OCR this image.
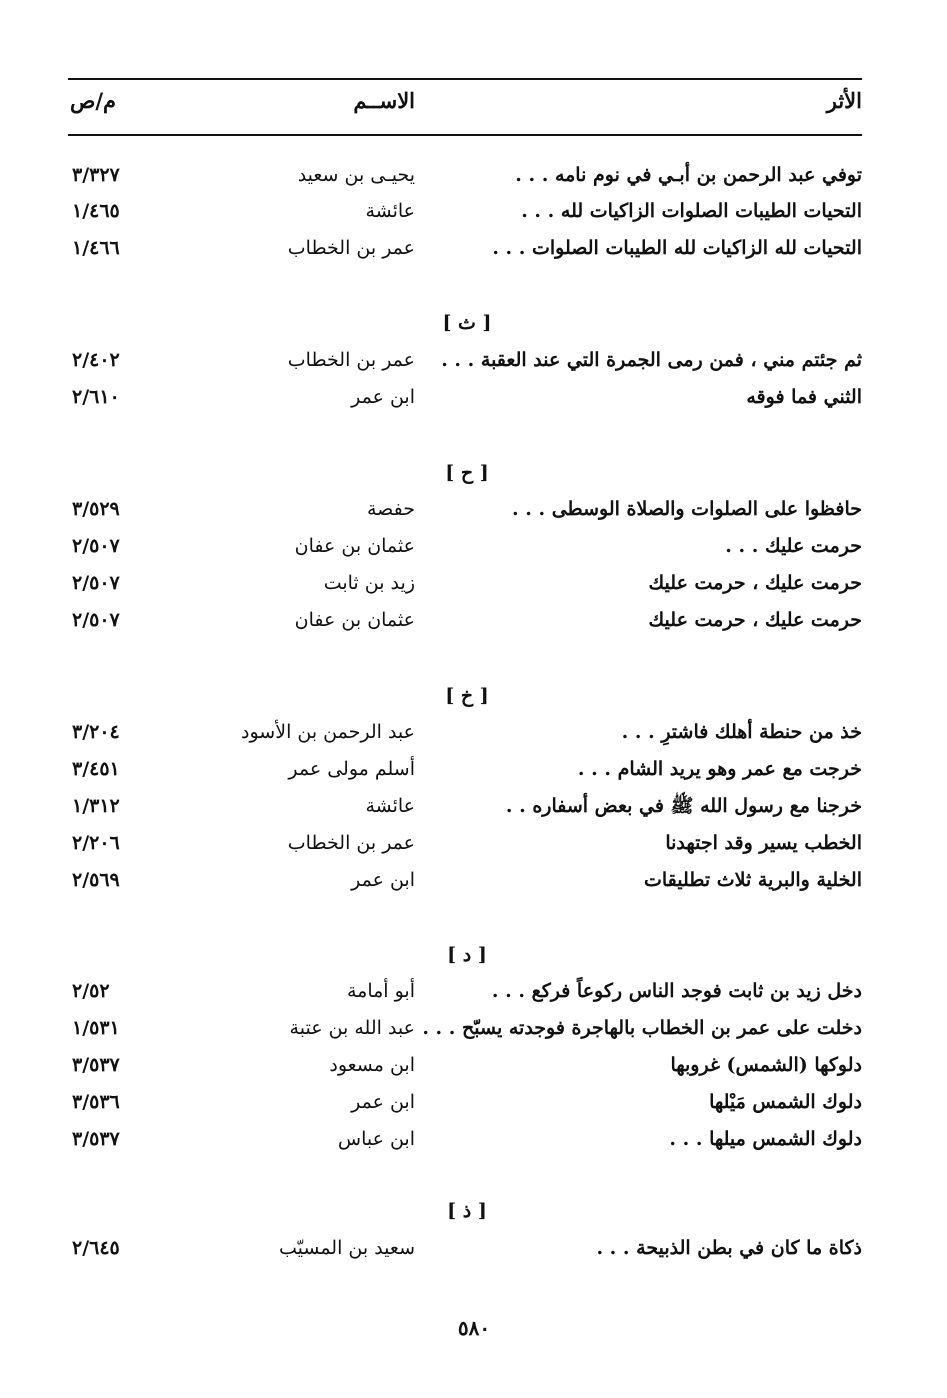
الأثر
الاســم
م/ص
توفي عبد الرحمن بن أبـي في نوم نامه . . .
يحيـى بن سعيد
٣/٣٢٧
التحيات الطيبات الصلوات الزاكيات لله . . .
عائشة
١/٤٦٥
التحيات لله الزاكيات لله الطيبات الصلوات . . .
عمر بن الخطاب
١/٤٦٦
[ ث ]
ثم جئتم مني ، فمن رمى الجمرة التي عند العقبة . . .
عمر بن الخطاب
٢/٤٠٢
الثني فما فوقه
ابن عمر
٢/٦١٠
[ ح ]
حافظوا على الصلوات والصلاة الوسطى . . .
حفصة
٣/٥٢٩
حرمت عليك . . .
عثمان بن عفان
٢/٥٠٧
حرمت عليك ، حرمت عليك
زيد بن ثابت
٢/٥٠٧
حرمت عليك ، حرمت عليك
عثمان بن عفان
٢/٥٠٧
[ خ ]
خذ من حنطة أهلك فاشترِ . . .
عبد الرحمن بن الأسود
٣/٢٠٤
خرجت مع عمر وهو يريد الشام . . .
أسلم مولى عمر
٣/٤٥١
خرجنا مع رسول الله ﷺ في بعض أسفاره . .
عائشة
١/٣١٢
الخطب يسير وقد اجتهدنا
عمر بن الخطاب
٢/٢٠٦
الخلية والبرية ثلاث تطليقات
ابن عمر
٢/٥٦٩
[ د ]
دخل زيد بن ثابت فوجد الناس ركوعاً فركع . . .
أبو أمامة
٢/٥٢
دخلت على عمر بن الخطاب بالهاجرة فوجدته يسبّح . . .
عبد الله بن عتبة
١/٥٣١
دلوكها (الشمس) غروبها
ابن مسعود
٣/٥٣٧
دلوك الشمس مَيْلها
ابن عمر
٣/٥٣٦
دلوك الشمس ميلها . . .
ابن عباس
٣/٥٣٧
[ ذ ]
ذكاة ما كان في بطن الذبيحة . . .
سعيد بن المسيّب
٢/٦٤٥
٥٨٠
